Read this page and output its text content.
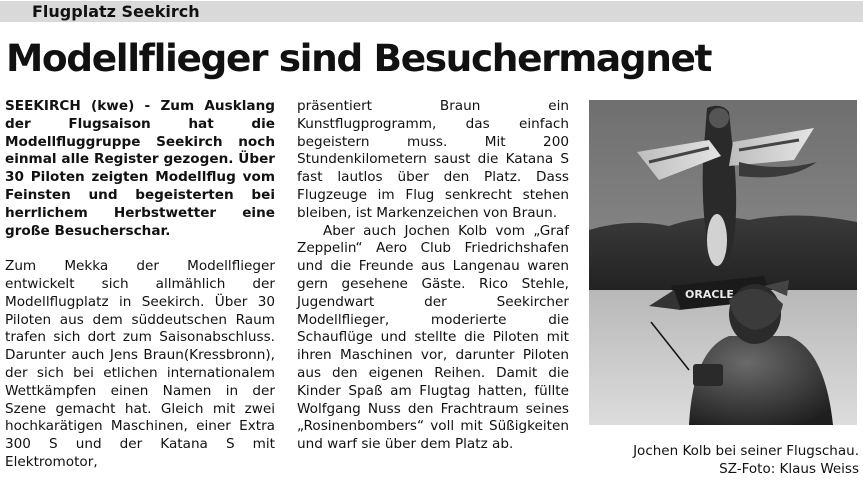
Flugplatz Seekirch
Modellflieger sind Besuchermagnet

SEEKIRCH (kwe) - Zum Ausklang der Flugsaison hat die Modellfluggruppe Seekirch noch einmal alle Register gezogen. Über 30 Piloten zeigten Modellflug vom Feinsten und begeisterten bei herrlichem Herbstwetter eine große Besucherschar.

Zum Mekka der Modellflieger entwickelt sich allmählich der Modellflugplatz in Seekirch. Über 30 Piloten aus dem süddeutschen Raum trafen sich dort zum Saisonabschluss. Darunter auch Jens Braun(Kressbronn), der sich bei etlichen internationalem Wettkämpfen einen Namen in der Szene gemacht hat. Gleich mit zwei hochkarätigen Maschinen, einer Extra 300 S und der Katana S mit Elektromotor,

präsentiert Braun ein Kunstflugprogramm, das einfach begeistern muss. Mit 200 Stundenkilometern saust die Katana S fast lautlos über den Platz. Dass Flugzeuge im Flug senkrecht stehen bleiben, ist Markenzeichen von Braun.

Aber auch Jochen Kolb vom „Graf Zeppelin“ Aero Club Friedrichshafen und die Freunde aus Langenau waren gern gesehene Gäste. Rico Stehle, Jugendwart der Seekircher Modellflieger, moderierte die Schauflüge und stellte die Piloten mit ihren Maschinen vor, darunter Piloten aus den eigenen Reihen. Damit die Kinder Spaß am Flugtag hatten, füllte Wolfgang Nuss den Frachtraum seines „Rosinenbombers“ voll mit Süßigkeiten und warf sie über dem Platz ab.

ORACLE
Jochen Kolb bei seiner Flugschau.
SZ-Foto: Klaus Weiss
